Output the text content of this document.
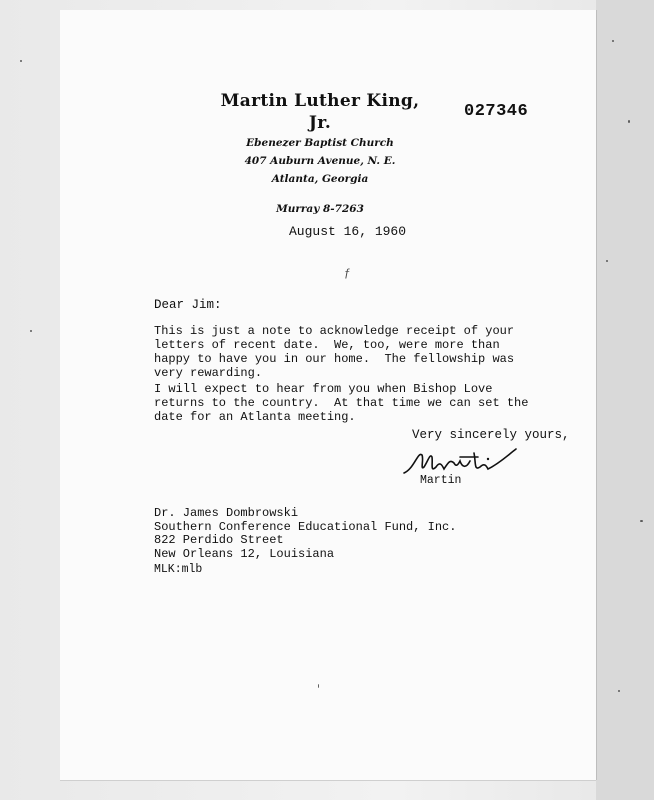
Martin Luther King, Jr.
Ebenezer Baptist Church
407 Auburn Avenue, N. E.
Atlanta, Georgia
Murray 8-7263
027346
August 16, 1960
ƒ
Dear Jim:
This is just a note to acknowledge receipt of your
letters of recent date.  We, too, were more than
happy to have you in our home.  The fellowship was
very rewarding.
I will expect to hear from you when Bishop Love
returns to the country.  At that time we can set the
date for an Atlanta meeting.
Very sincerely yours,
Martin
Dr. James Dombrowski
Southern Conference Educational Fund, Inc.
822 Perdido Street
New Orleans 12, Louisiana
MLK:mlb
